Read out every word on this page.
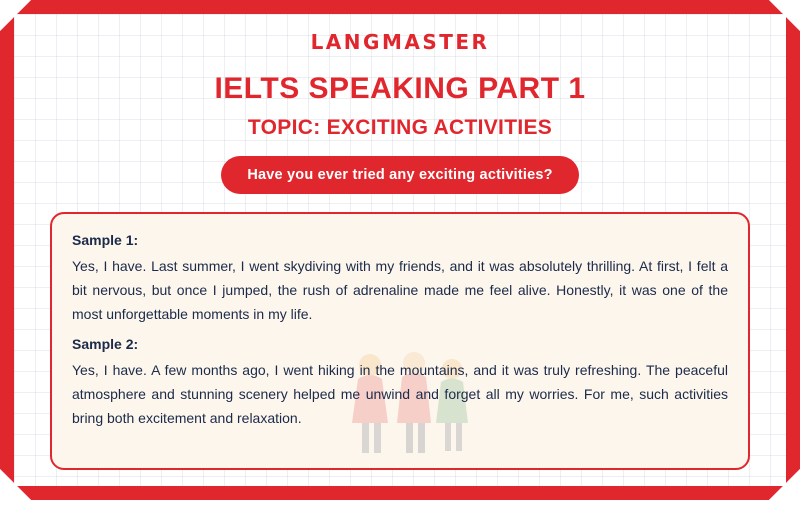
LANGMASTER
IELTS SPEAKING PART 1
TOPIC: EXCITING ACTIVITIES
Have you ever tried any exciting activities?
Sample 1:

Yes, I have. Last summer, I went skydiving with my friends, and it was absolutely thrilling. At first, I felt a bit nervous, but once I jumped, the rush of adrenaline made me feel alive. Honestly, it was one of the most unforgettable moments in my life.

Sample 2:

Yes, I have. A few months ago, I went hiking in the mountains, and it was truly refreshing. The peaceful atmosphere and stunning scenery helped me unwind and forget all my worries. For me, such activities bring both excitement and relaxation.
